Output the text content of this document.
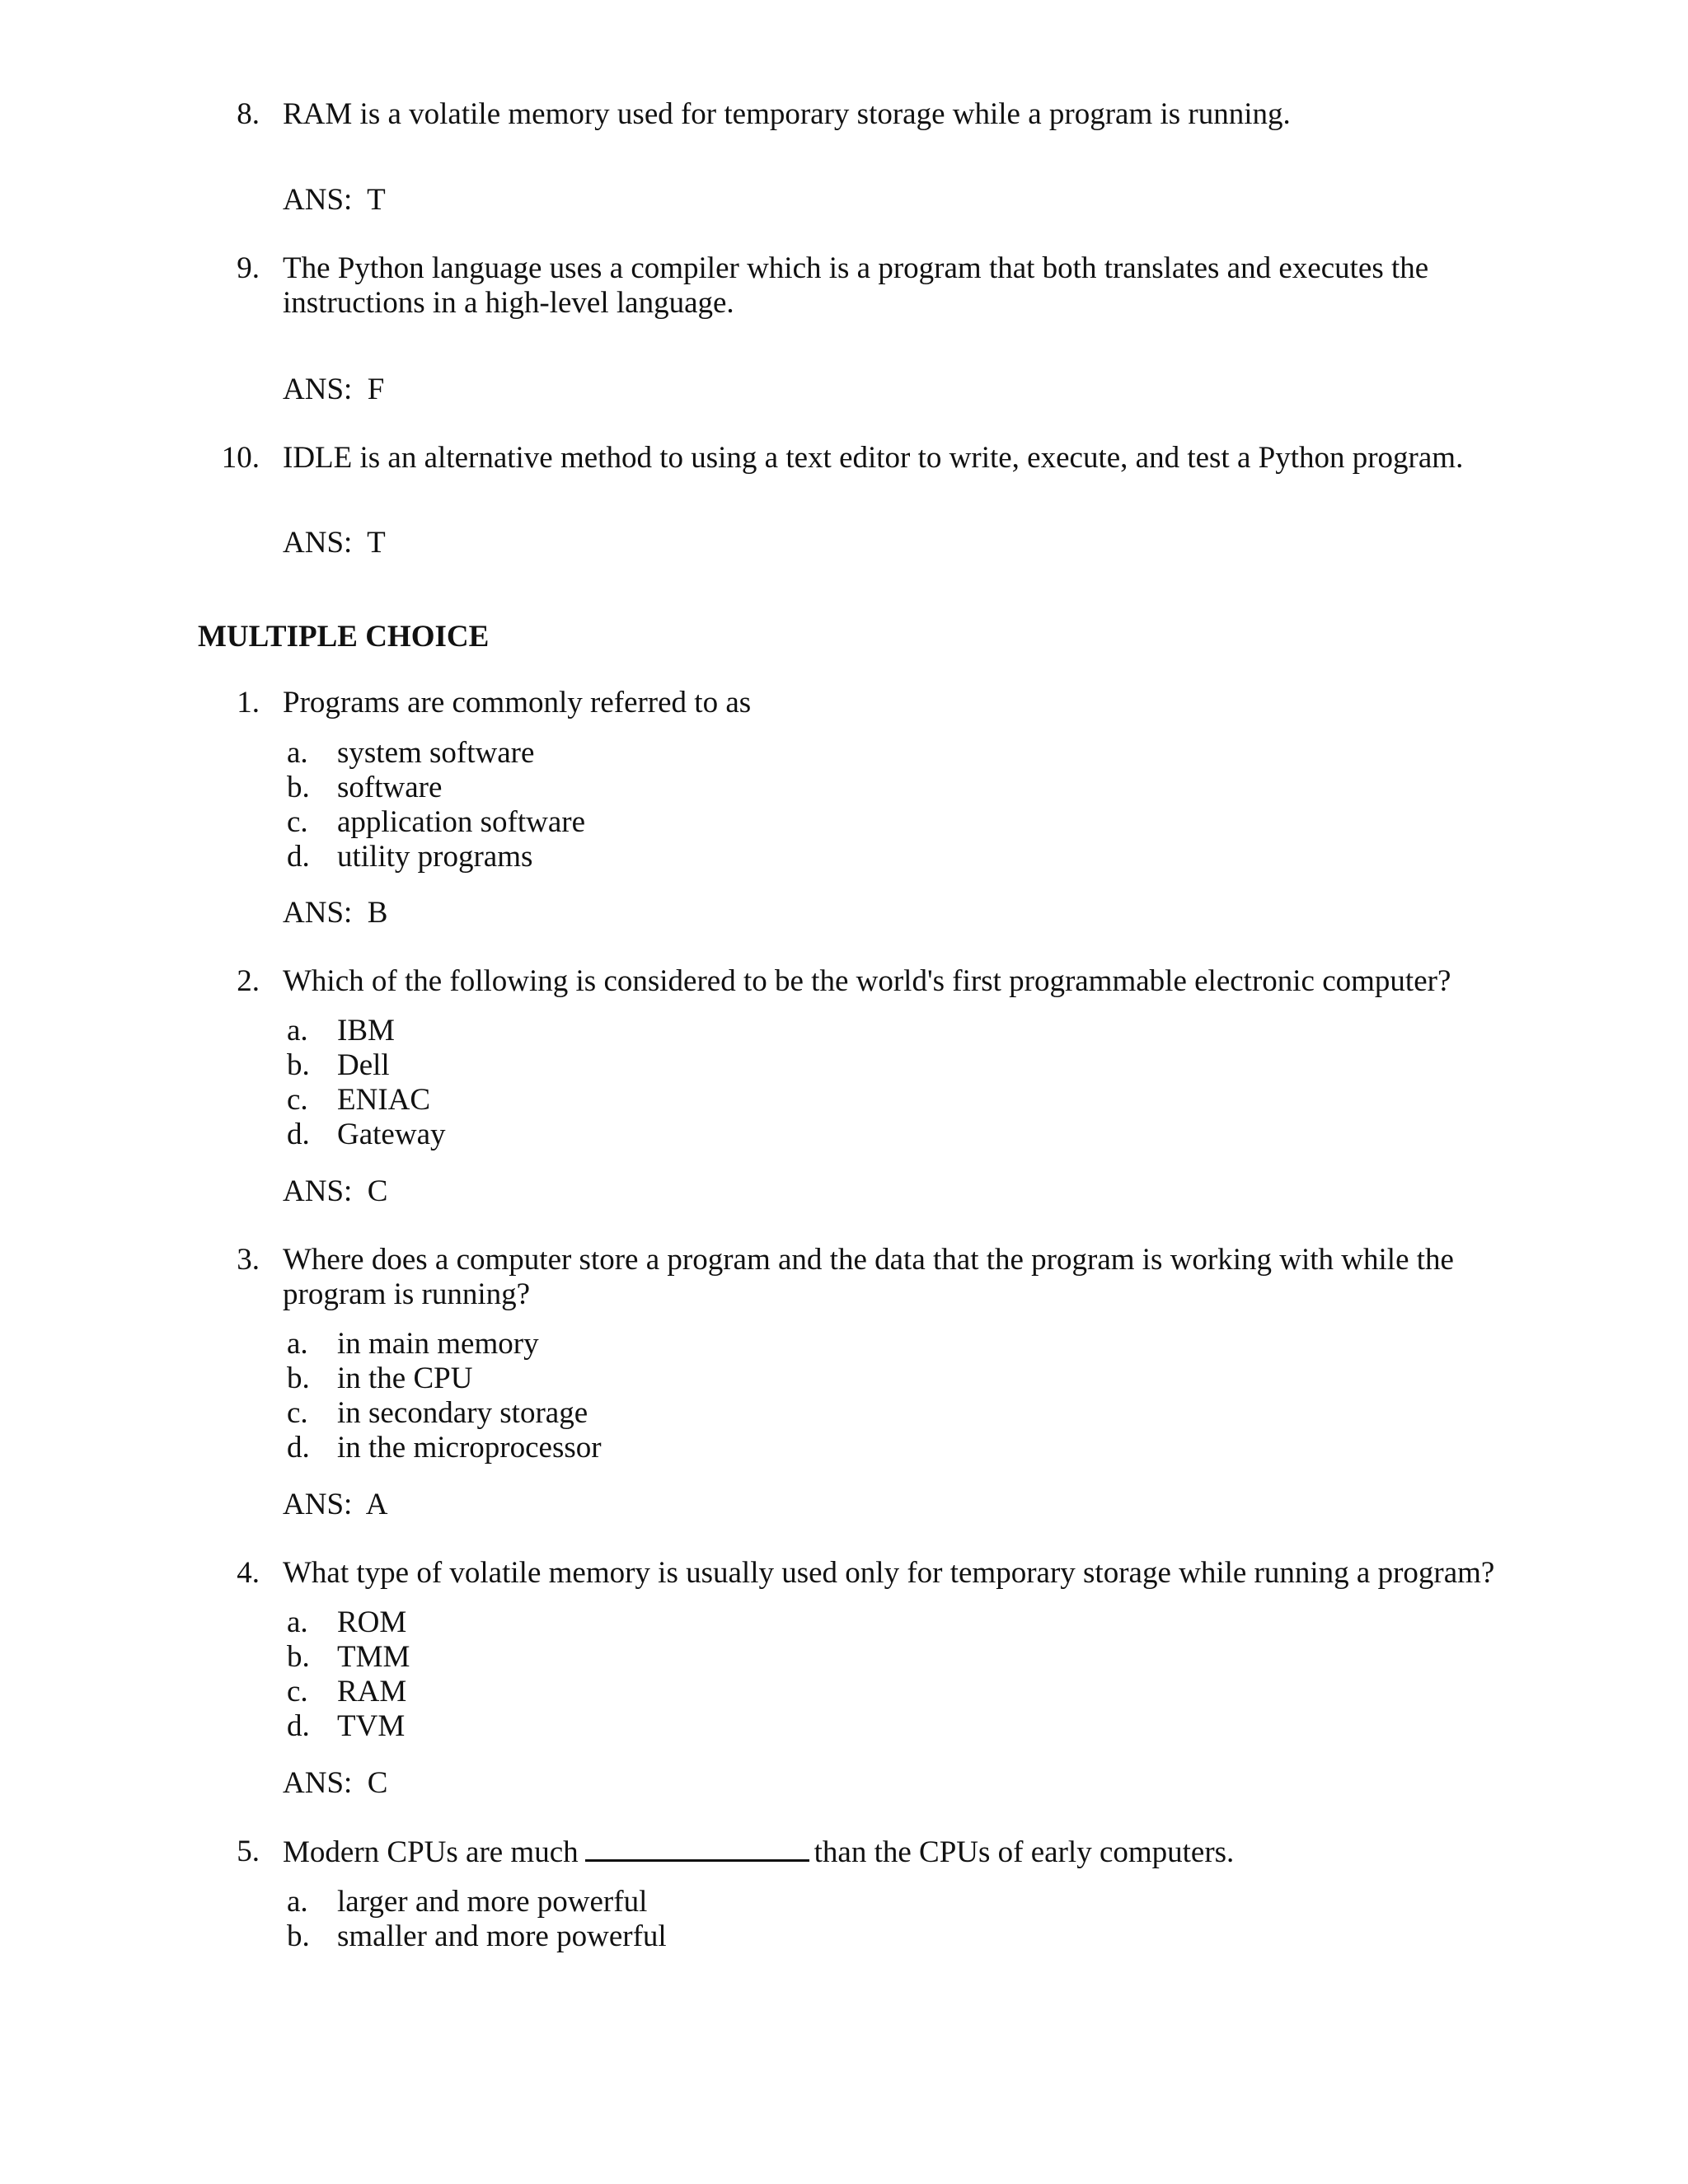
8. RAM is a volatile memory used for temporary storage while a program is running.
ANS:  T
9. The Python language uses a compiler which is a program that both translates and executes the instructions in a high-level language.
ANS:  F
10. IDLE is an alternative method to using a text editor to write, execute, and test a Python program.
ANS:  T
MULTIPLE CHOICE
1. Programs are commonly referred to as
a. system software
b. software
c. application software
d. utility programs
ANS:  B
2. Which of the following is considered to be the world's first programmable electronic computer?
a. IBM
b. Dell
c. ENIAC
d. Gateway
ANS:  C
3. Where does a computer store a program and the data that the program is working with while the program is running?
a. in main memory
b. in the CPU
c. in secondary storage
d. in the microprocessor
ANS:  A
4. What type of volatile memory is usually used only for temporary storage while running a program?
a. ROM
b. TMM
c. RAM
d. TVM
ANS:  C
5. Modern CPUs are much	than the CPUs of early computers.
a. larger and more powerful
b. smaller and more powerful
